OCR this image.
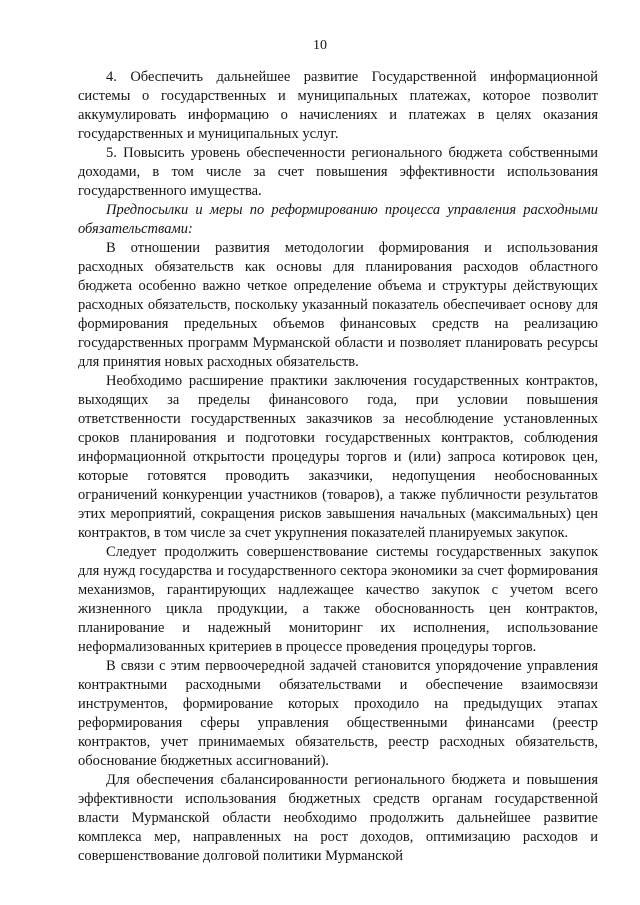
10

4. Обеспечить дальнейшее развитие Государственной информационной системы о государственных и муниципальных платежах, которое позволит аккумулировать информацию о начислениях и платежах в целях оказания государственных и муниципальных услуг.

5. Повысить уровень обеспеченности регионального бюджета собственными доходами, в том числе за счет повышения эффективности использования государственного имущества.

Предпосылки и меры по реформированию процесса управления расходными обязательствами:

В отношении развития методологии формирования и использования расходных обязательств как основы для планирования расходов областного бюджета особенно важно четкое определение объема и структуры действующих расходных обязательств, поскольку указанный показатель обеспечивает основу для формирования предельных объемов финансовых средств на реализацию государственных программ Мурманской области и позволяет планировать ресурсы для принятия новых расходных обязательств.

Необходимо расширение практики заключения государственных контрактов, выходящих за пределы финансового года, при условии повышения ответственности государственных заказчиков за несоблюдение установленных сроков планирования и подготовки государственных контрактов, соблюдения информационной открытости процедуры торгов и (или) запроса котировок цен, которые готовятся проводить заказчики, недопущения необоснованных ограничений конкуренции участников (товаров), а также публичности результатов этих мероприятий, сокращения рисков завышения начальных (максимальных) цен контрактов, в том числе за счет укрупнения показателей планируемых закупок.

Следует продолжить совершенствование системы государственных закупок для нужд государства и государственного сектора экономики за счет формирования механизмов, гарантирующих надлежащее качество закупок с учетом всего жизненного цикла продукции, а также обоснованность цен контрактов, планирование и надежный мониторинг их исполнения, использование неформализованных критериев в процессе проведения процедуры торгов.

В связи с этим первоочередной задачей становится упорядочение управления контрактными расходными обязательствами и обеспечение взаимосвязи инструментов, формирование которых проходило на предыдущих этапах реформирования сферы управления общественными финансами (реестр контрактов, учет принимаемых обязательств, реестр расходных обязательств, обоснование бюджетных ассигнований).

Для обеспечения сбалансированности регионального бюджета и повышения эффективности использования бюджетных средств органам государственной власти Мурманской области необходимо продолжить дальнейшее развитие комплекса мер, направленных на рост доходов, оптимизацию расходов и совершенствование долговой политики Мурманской
